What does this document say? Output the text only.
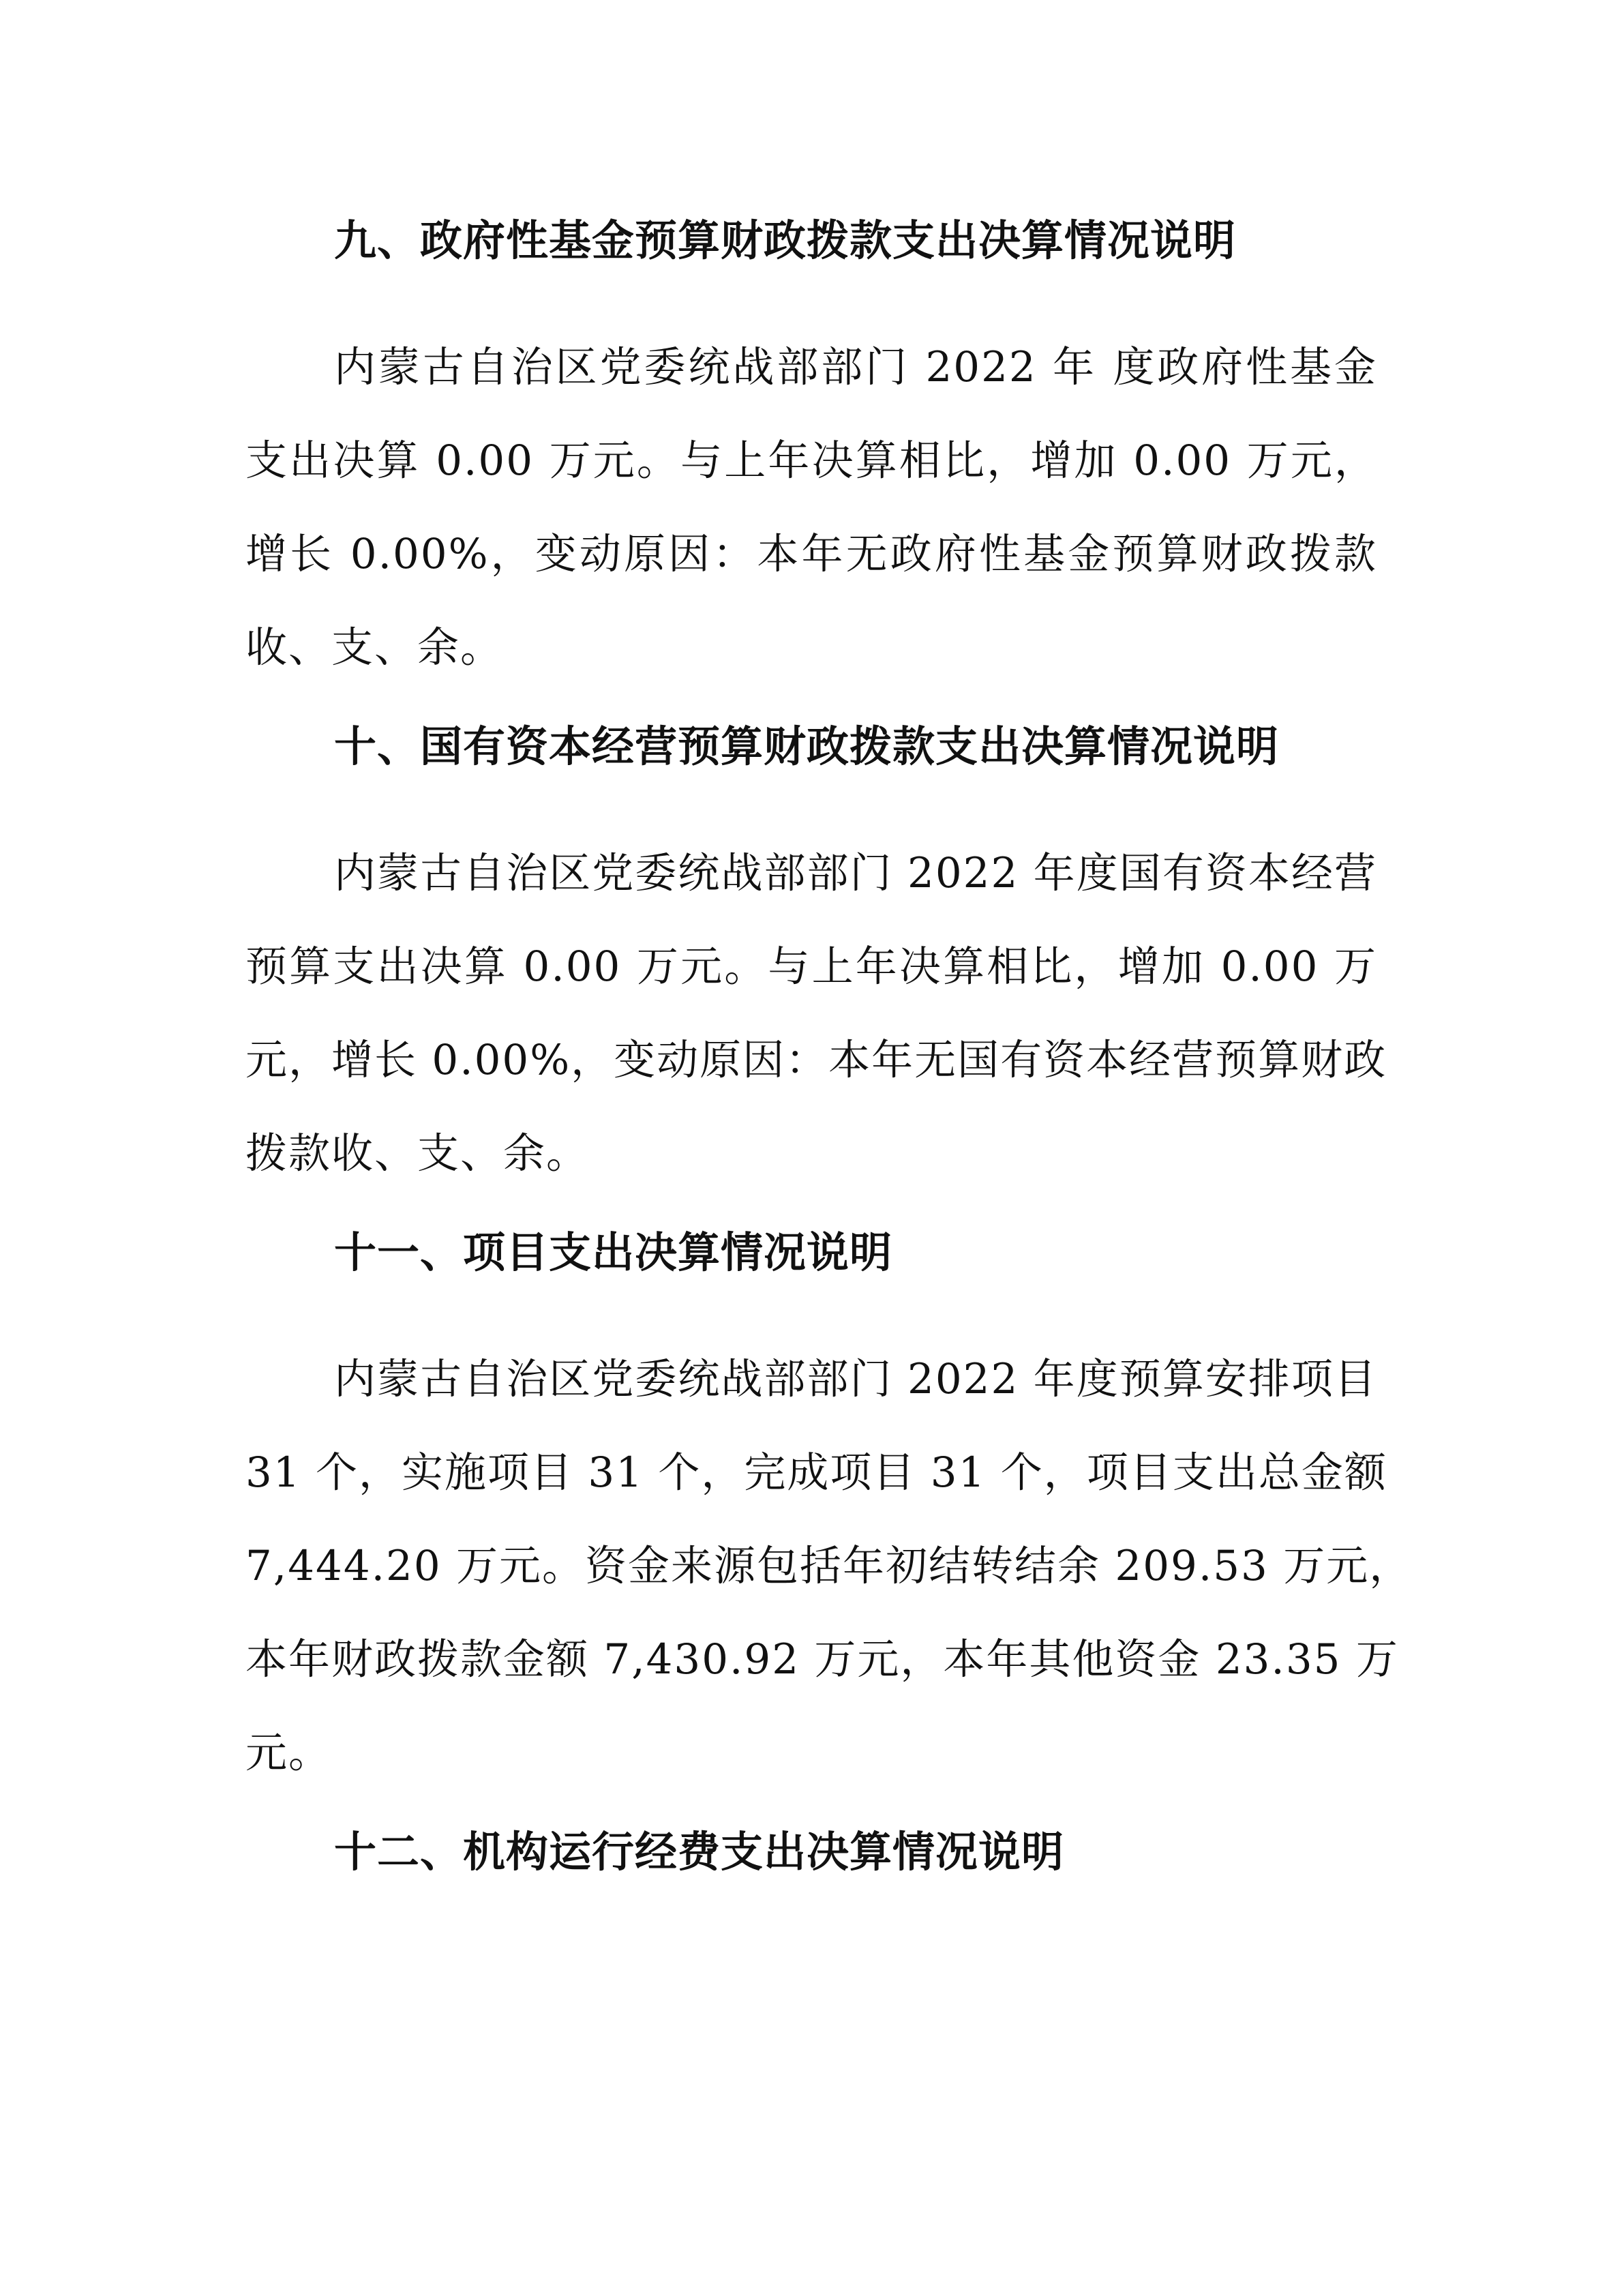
九、政府性基金预算财政拨款支出决算情况说明

内蒙古自治区党委统战部部门 2022 年 度政府性基金
支出决算 0.00 万元。与上年决算相比，增加 0.00 万元，
增长 0.00%，变动原因：本年无政府性基金预算财政拨款
收、支、余。

十、国有资本经营预算财政拨款支出决算情况说明

内蒙古自治区党委统战部部门 2022 年度国有资本经营
预算支出决算 0.00 万元。与上年决算相比，增加 0.00 万
元，增长 0.00%，变动原因：本年无国有资本经营预算财政
拨款收、支、余。

十一、项目支出决算情况说明

内蒙古自治区党委统战部部门 2022 年度预算安排项目
31 个，实施项目 31 个，完成项目 31 个，项目支出总金额
7,444.20 万元。资金来源包括年初结转结余 209.53 万元，
本年财政拨款金额 7,430.92 万元，本年其他资金 23.35 万
元。

十二、机构运行经费支出决算情况说明
